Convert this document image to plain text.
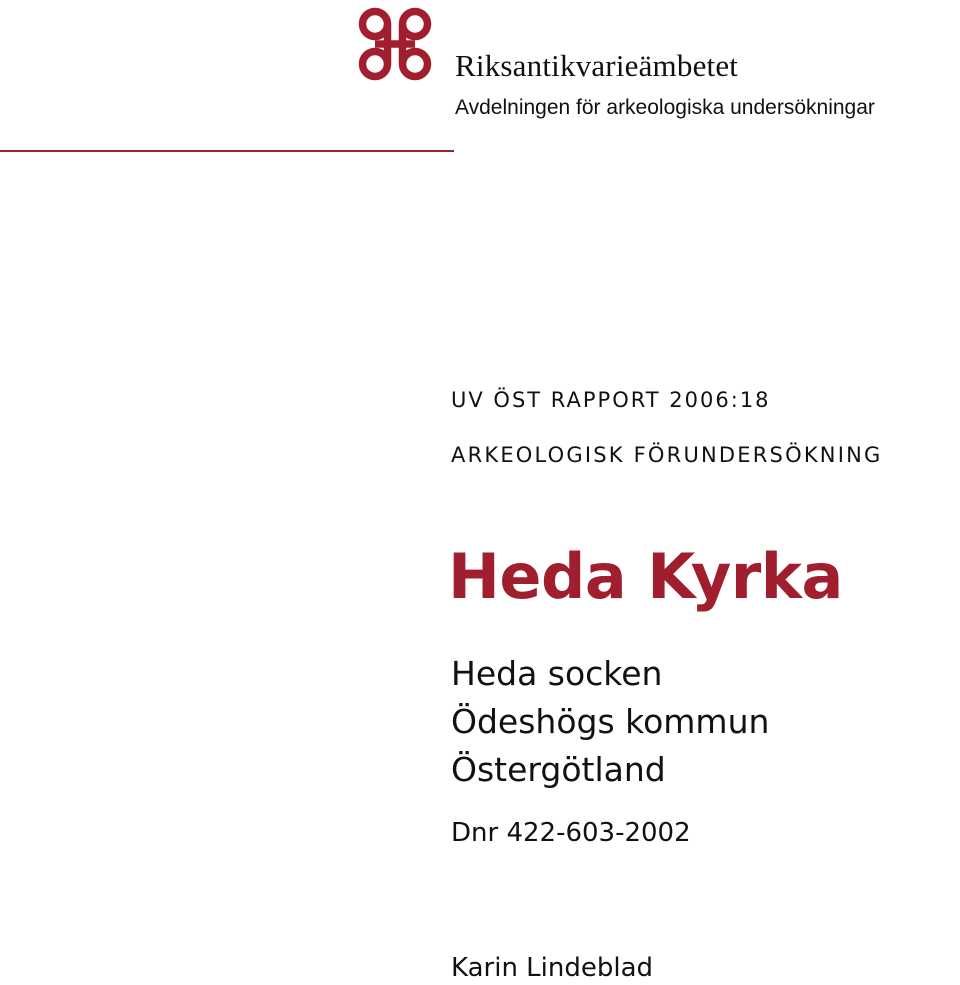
Riksantikvarieämbetet
Avdelningen för arkeologiska undersökningar
UV ÖST RAPPORT 2006:18
ARKEOLOGISK FÖRUNDERSÖKNING
Heda Kyrka
Heda socken
Ödeshögs kommun
Östergötland
Dnr 422-603-2002
Karin Lindeblad
